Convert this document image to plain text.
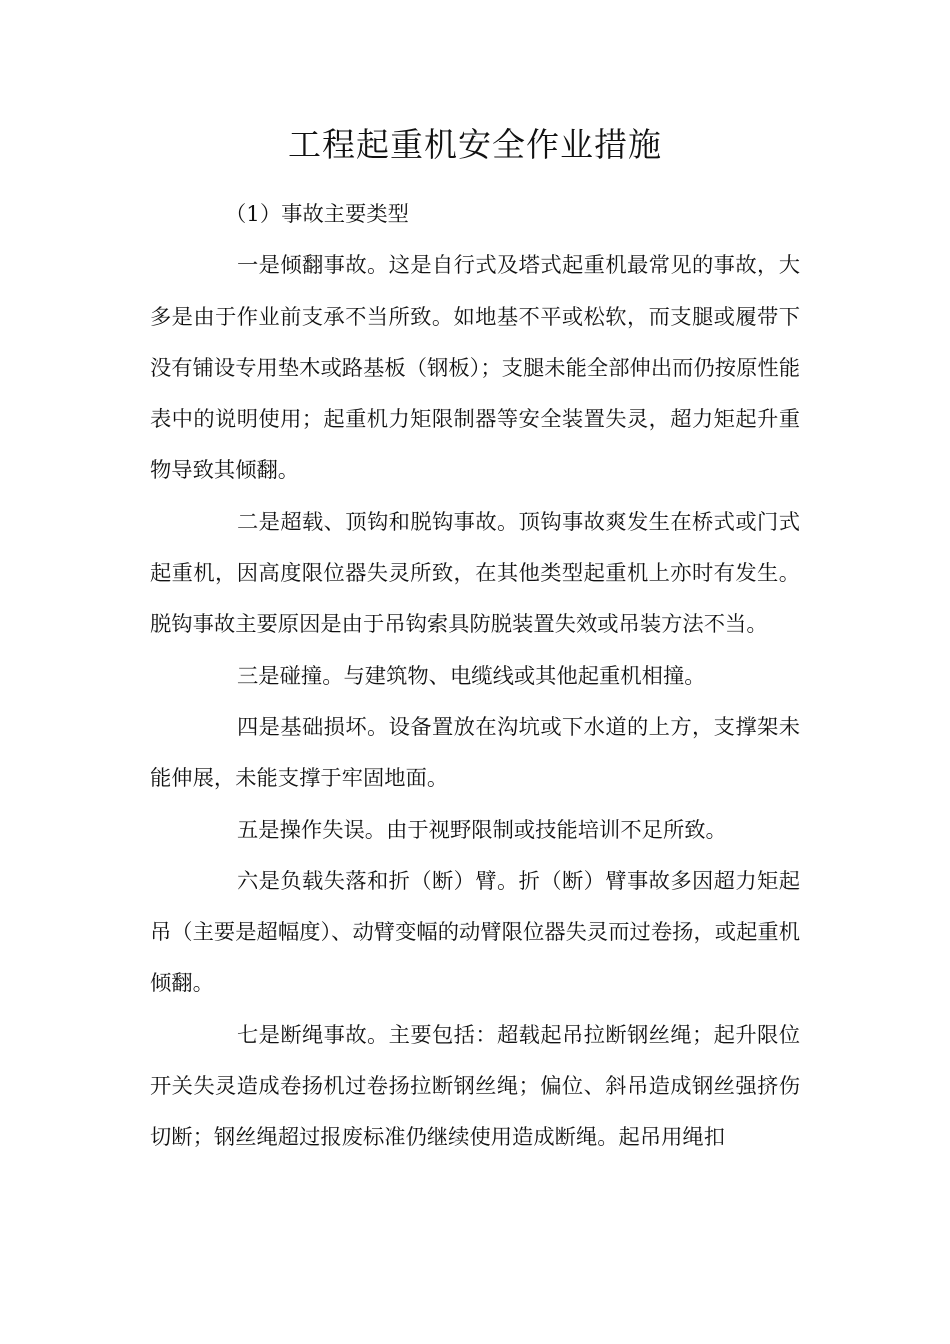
工程起重机安全作业措施

（1）事故主要类型

一是倾翻事故。这是自行式及塔式起重机最常见的事故，大多是由于作业前支承不当所致。如地基不平或松软，而支腿或履带下没有铺设专用垫木或路基板（钢板）；支腿未能全部伸出而仍按原性能表中的说明使用；起重机力矩限制器等安全装置失灵，超力矩起升重物导致其倾翻。

二是超载、顶钩和脱钩事故。顶钩事故爽发生在桥式或门式起重机，因高度限位器失灵所致，在其他类型起重机上亦时有发生。脱钩事故主要原因是由于吊钩索具防脱装置失效或吊装方法不当。

三是碰撞。与建筑物、电缆线或其他起重机相撞。

四是基础损坏。设备置放在沟坑或下水道的上方，支撑架未能伸展，未能支撑于牢固地面。

五是操作失误。由于视野限制或技能培训不足所致。

六是负载失落和折（断）臂。折（断）臂事故多因超力矩起吊（主要是超幅度）、动臂变幅的动臂限位器失灵而过卷扬，或起重机倾翻。

七是断绳事故。主要包括：超载起吊拉断钢丝绳；起升限位开关失灵造成卷扬机过卷扬拉断钢丝绳；偏位、斜吊造成钢丝强挤伤切断；钢丝绳超过报废标准仍继续使用造成断绳。起吊用绳扣
